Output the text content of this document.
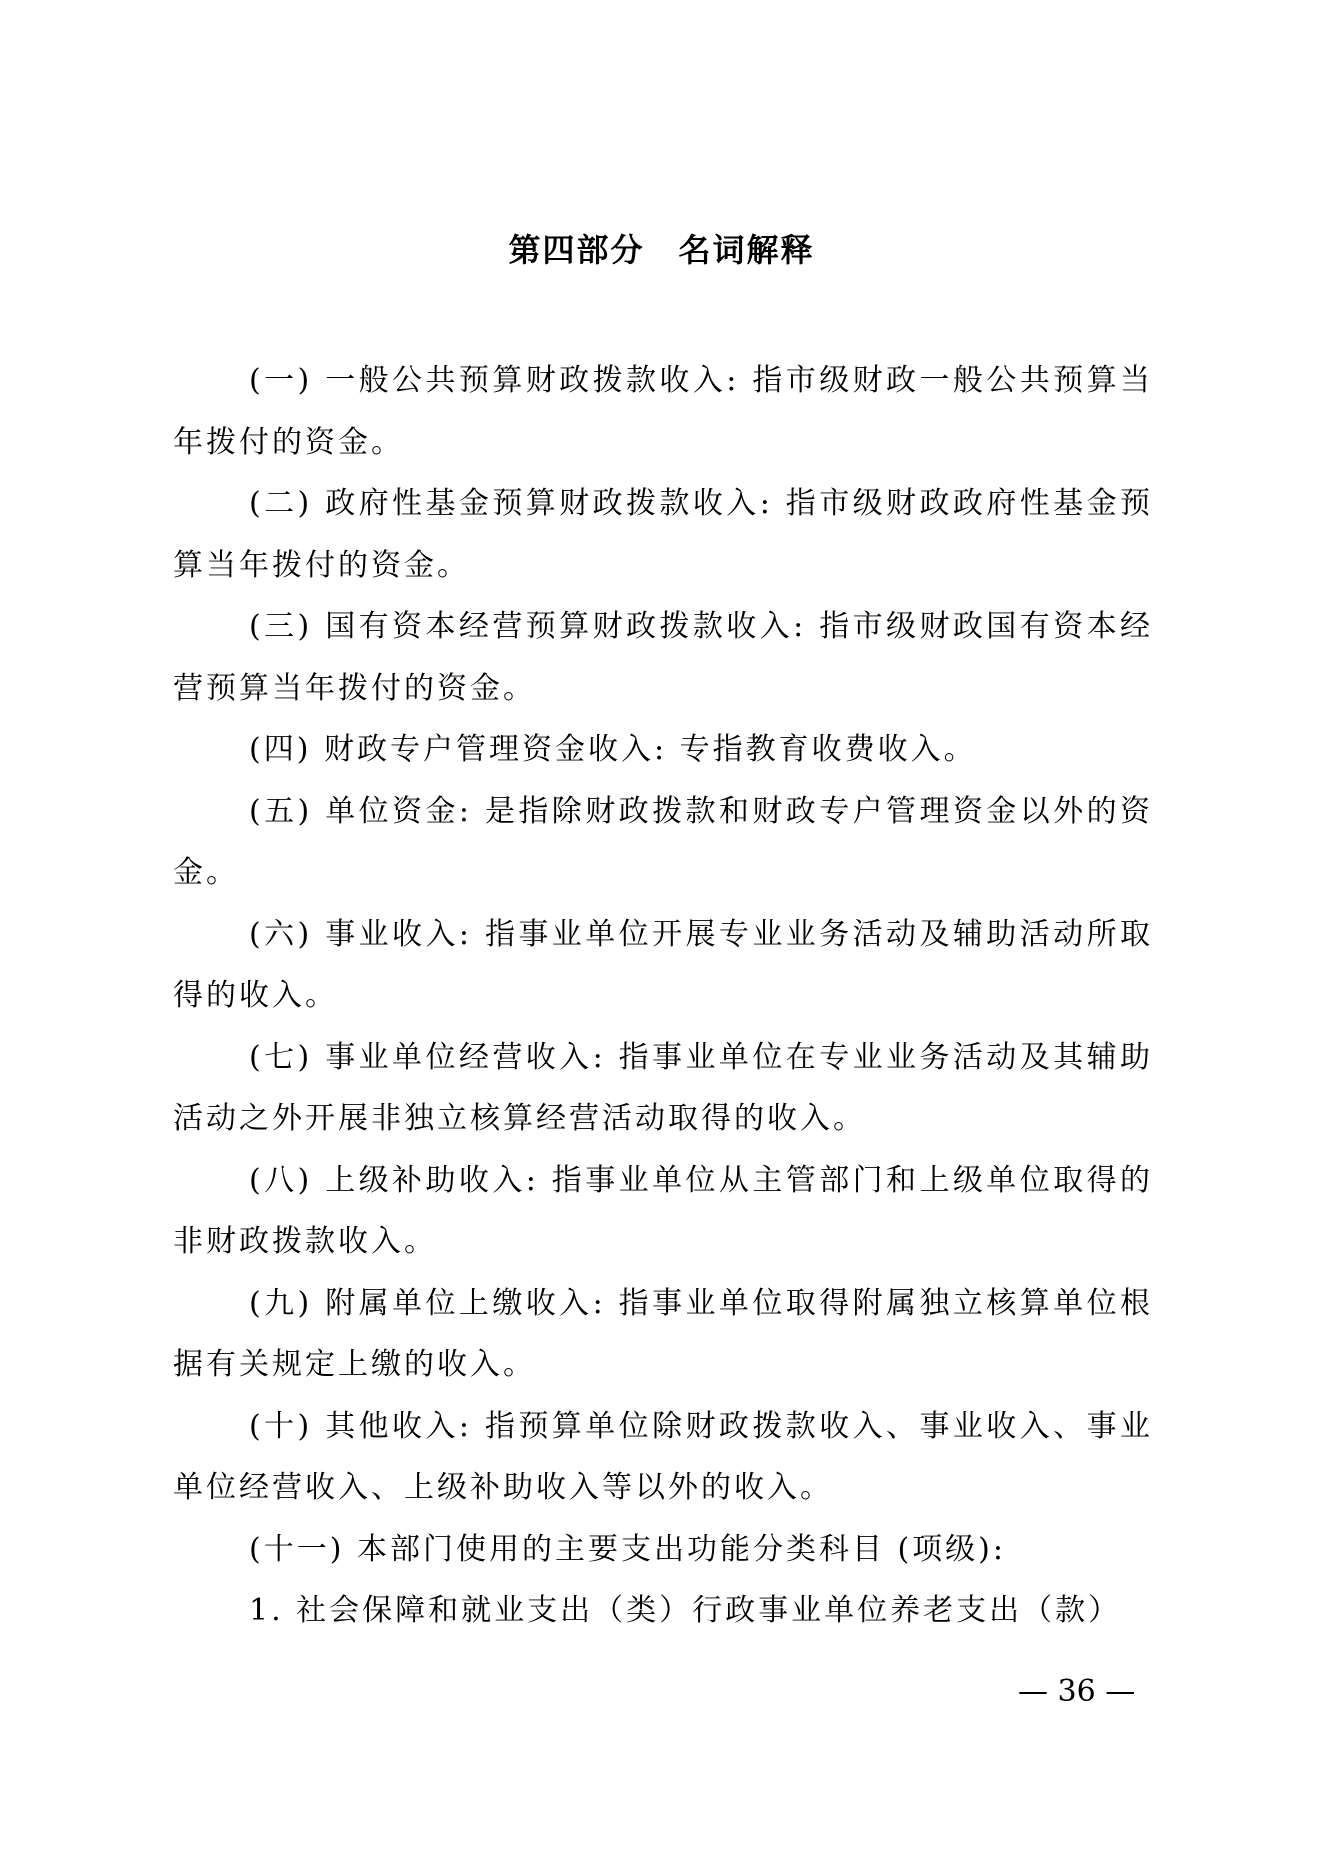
第四部分　名词解释

(一) 一般公共预算财政拨款收入: 指市级财政一般公共预算当年拨付的资金。

(二) 政府性基金预算财政拨款收入: 指市级财政政府性基金预算当年拨付的资金。

(三) 国有资本经营预算财政拨款收入: 指市级财政国有资本经营预算当年拨付的资金。

(四) 财政专户管理资金收入: 专指教育收费收入。

(五) 单位资金: 是指除财政拨款和财政专户管理资金以外的资金。

(六) 事业收入: 指事业单位开展专业业务活动及辅助活动所取得的收入。

(七) 事业单位经营收入: 指事业单位在专业业务活动及其辅助活动之外开展非独立核算经营活动取得的收入。

(八) 上级补助收入: 指事业单位从主管部门和上级单位取得的非财政拨款收入。

(九) 附属单位上缴收入: 指事业单位取得附属独立核算单位根据有关规定上缴的收入。

(十) 其他收入: 指预算单位除财政拨款收入、事业收入、事业单位经营收入、上级补助收入等以外的收入。

(十一) 本部门使用的主要支出功能分类科目 (项级):

1. 社会保障和就业支出（类）行政事业单位养老支出（款）

— 36 —
